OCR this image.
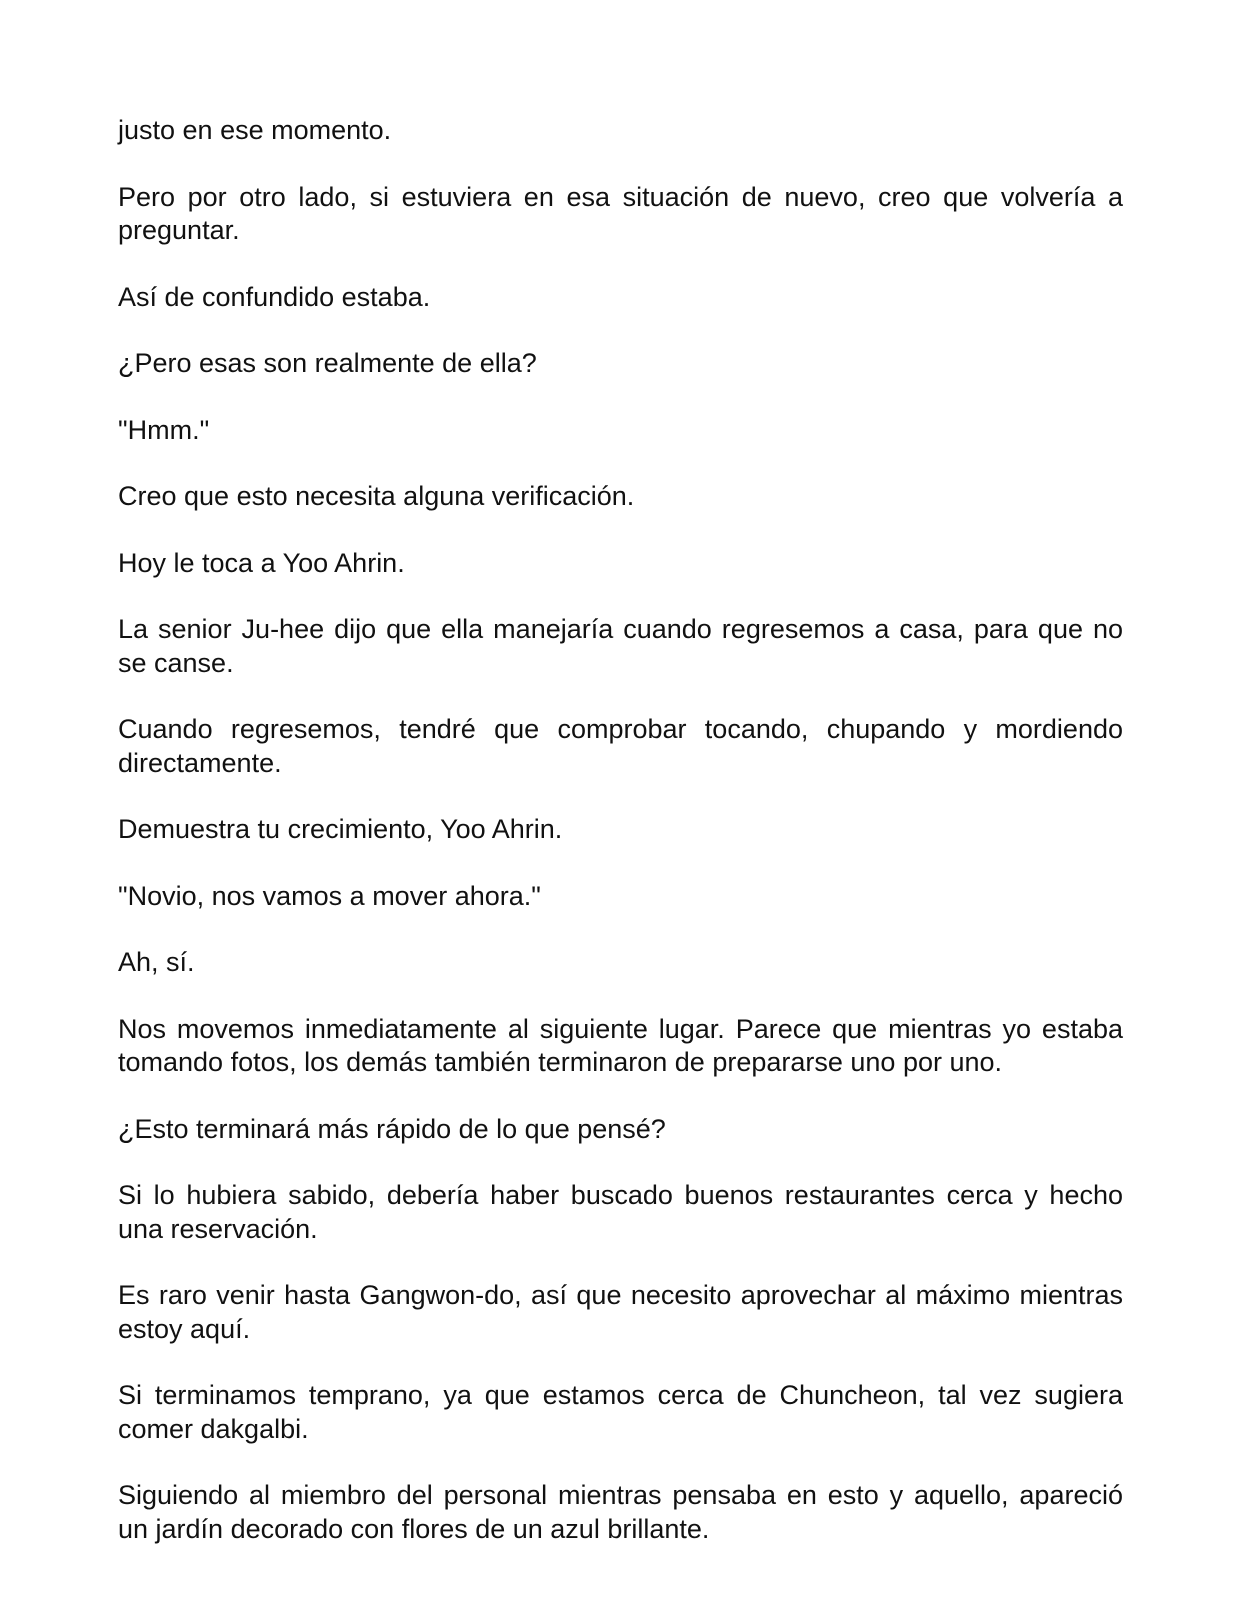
justo en ese momento.

Pero por otro lado, si estuviera en esa situación de nuevo, creo que volvería a preguntar.

Así de confundido estaba.

¿Pero esas son realmente de ella?

"Hmm."

Creo que esto necesita alguna verificación.

Hoy le toca a Yoo Ahrin.

La senior Ju-hee dijo que ella manejaría cuando regresemos a casa, para que no se canse.

Cuando regresemos, tendré que comprobar tocando, chupando y mordiendo directamente.

Demuestra tu crecimiento, Yoo Ahrin.

"Novio, nos vamos a mover ahora."

Ah, sí.

Nos movemos inmediatamente al siguiente lugar. Parece que mientras yo estaba tomando fotos, los demás también terminaron de prepararse uno por uno.

¿Esto terminará más rápido de lo que pensé?

Si lo hubiera sabido, debería haber buscado buenos restaurantes cerca y hecho una reservación.

Es raro venir hasta Gangwon-do, así que necesito aprovechar al máximo mientras estoy aquí.

Si terminamos temprano, ya que estamos cerca de Chuncheon, tal vez sugiera comer dakgalbi.

Siguiendo al miembro del personal mientras pensaba en esto y aquello, apareció un jardín decorado con flores de un azul brillante.
